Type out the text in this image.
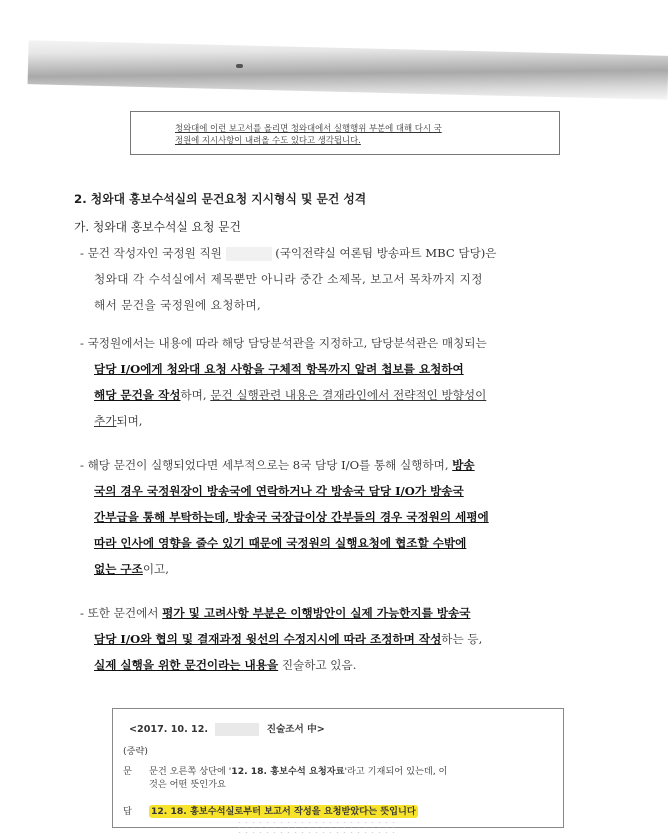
청와대에 이런 보고서를 올리면 청와대에서 실행행위 부분에 대해 다시 국
정원에 지시사항이 내려올 수도 있다고 생각됩니다.
2. 청와대 홍보수석실의 문건요청 지시형식 및 문건 성격
가. 청와대 홍보수석실 요청 문건
- 문건 작성자인 국정원 직원	(국익전략실 여론팀 방송파트 MBC 담당)은
청와대 각 수석실에서 제목뿐만 아니라 중간 소제목, 보고서 목차까지 지정
해서 문건을 국정원에 요청하며,
- 국정원에서는 내용에 따라 해당 담당분석관을 지정하고, 담당분석관은 매칭되는
담당 I/O에게 청와대 요청 사항을 구체적 항목까지 알려 첩보를 요청하여
해당 문건을 작성하며, 문건 실행관련 내용은 결재라인에서 전략적인 방향성이
추가되며,
- 해당 문건이 실행되었다면 세부적으로는 8국 담당 I/O를 통해 실행하며, 방송
국의 경우 국정원장이 방송국에 연락하거나 각 방송국 담당 I/O가 방송국
간부급을 통해 부탁하는데, 방송국 국장급이상 간부들의 경우 국정원의 세평에
따라 인사에 영향을 줄수 있기 때문에 국정원의 실행요청에 협조할 수밖에
없는 구조이고,
- 또한 문건에서 평가 및 고려사항 부분은 이행방안이 실제 가능한지를 방송국
담당 I/O와 협의 및 결재과정 윗선의 수정지시에 따라 조정하며 작성하는 등,
실제 실행을 위한 문건이라는 내용을 진술하고 있음.
<2017. 10. 12.	진술조서 中>
(중략)
문 문건 오른쪽 상단에 '12. 18. 홍보수석 요청자료'라고 기재되어 있는데, 이
것은 어떤 뜻인가요
답 12. 18. 홍보수석실로부터 보고서 작성을 요청받았다는 뜻입니다
